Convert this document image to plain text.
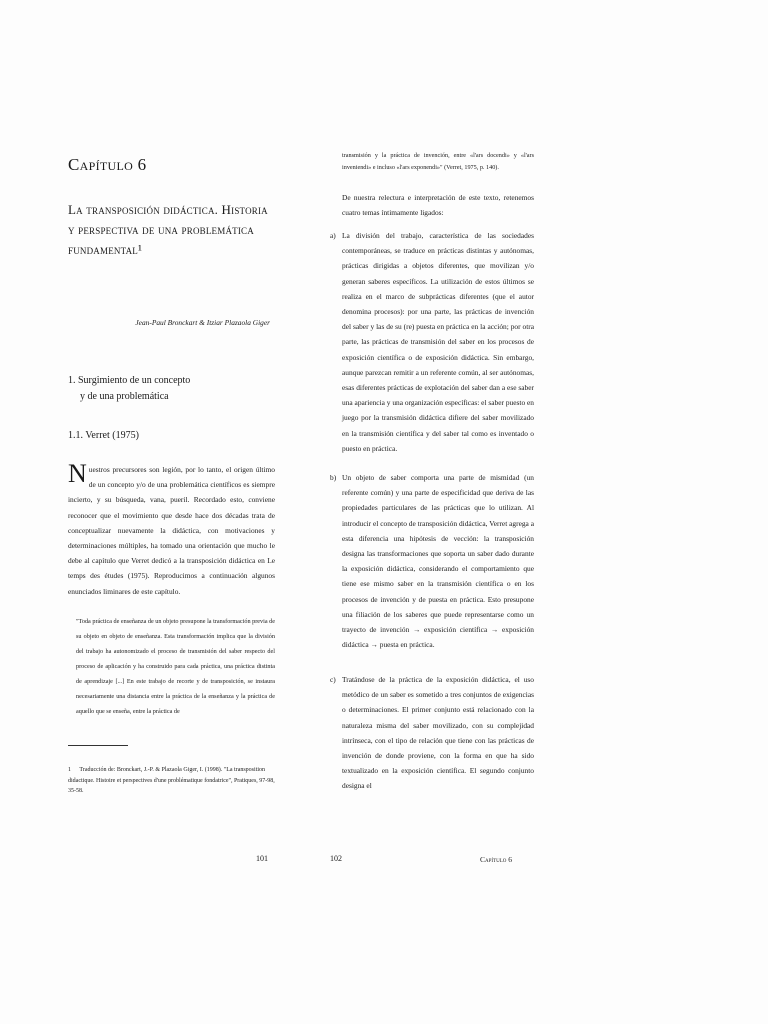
Capítulo 6
La transposición didáctica. Historia y perspectiva de una problemática fundamental¹
Jean-Paul Bronckart & Itziar Plazaola Giger
1. Surgimiento de un concepto
y de una problemática
1.1. Verret (1975)
N uestros precursores son legión, por lo tanto, el origen último de un concepto y/o de una problemática científicos es siempre incierto, y su búsqueda, vana, pueril. Recordado esto, conviene reconocer que el movimiento que desde hace dos décadas trata de conceptualizar nuevamente la didáctica, con motivaciones y determinaciones múltiples, ha tomado una orientación que mucho le debe al capítulo que Verret dedicó a la transposición didáctica en Le temps des études (1975). Reproducimos a continuación algunos enunciados liminares de este capítulo.
"Toda práctica de enseñanza de un objeto presupone la transformación previa de su objeto en objeto de enseñanza. Esta transformación implica que la división del trabajo ha autonomizado el proceso de transmisión del saber respecto del proceso de aplicación y ha construido para cada práctica, una práctica distinta de aprendizaje [...] En este trabajo de recorte y de transposición, se instaura necesariamente una distancia entre la práctica de la enseñanza y la práctica de aquello que se enseña, entre la práctica de
1 Traducción de: Bronckart, J.-P. & Plazaola Giger, I. (1998). "La transposition didactique. Histoire et perspectives d'une problématique fondatrice", Pratiques, 97-98, 35-58.
101
transmisión y la práctica de invención, entre «l'ars docendi» y «l'ars inveniendi» e incluso «l'ars exponendi»" (Verret, 1975, p. 140).
De nuestra relectura e interpretación de este texto, retenemos cuatro temas íntimamente ligados:
a) La división del trabajo, característica de las sociedades contemporáneas, se traduce en prácticas distintas y autónomas, prácticas dirigidas a objetos diferentes, que movilizan y/o generan saberes específicos. La utilización de estos últimos se realiza en el marco de subprácticas diferentes (que el autor denomina procesos): por una parte, las prácticas de invención del saber y las de su (re) puesta en práctica en la acción; por otra parte, las prácticas de transmisión del saber en los procesos de exposición científica o de exposición didáctica. Sin embargo, aunque parezcan remitir a un referente común, al ser autónomas, esas diferentes prácticas de explotación del saber dan a ese saber una apariencia y una organización específicas: el saber puesto en juego por la transmisión didáctica difiere del saber movilizado en la transmisión científica y del saber tal como es inventado o puesto en práctica.
b) Un objeto de saber comporta una parte de mismidad (un referente común) y una parte de especificidad que deriva de las propiedades particulares de las prácticas que lo utilizan. Al introducir el concepto de transposición didáctica, Verret agrega a esta diferencia una hipótesis de vección: la transposición designa las transformaciones que soporta un saber dado durante la exposición didáctica, considerando el comportamiento que tiene ese mismo saber en la transmisión científica o en los procesos de invención y de puesta en práctica. Esto presupone una filiación de los saberes que puede representarse como un trayecto de invención → exposición científica → exposición didáctica → puesta en práctica.
c) Tratándose de la práctica de la exposición didáctica, el uso metódico de un saber es sometido a tres conjuntos de exigencias o determinaciones. El primer conjunto está relacionado con la naturaleza misma del saber movilizado, con su complejidad intrínseca, con el tipo de relación que tiene con las prácticas de invención de donde proviene, con la forma en que ha sido textualizado en la exposición científica. El segundo conjunto designa el
102	Capítulo 6
